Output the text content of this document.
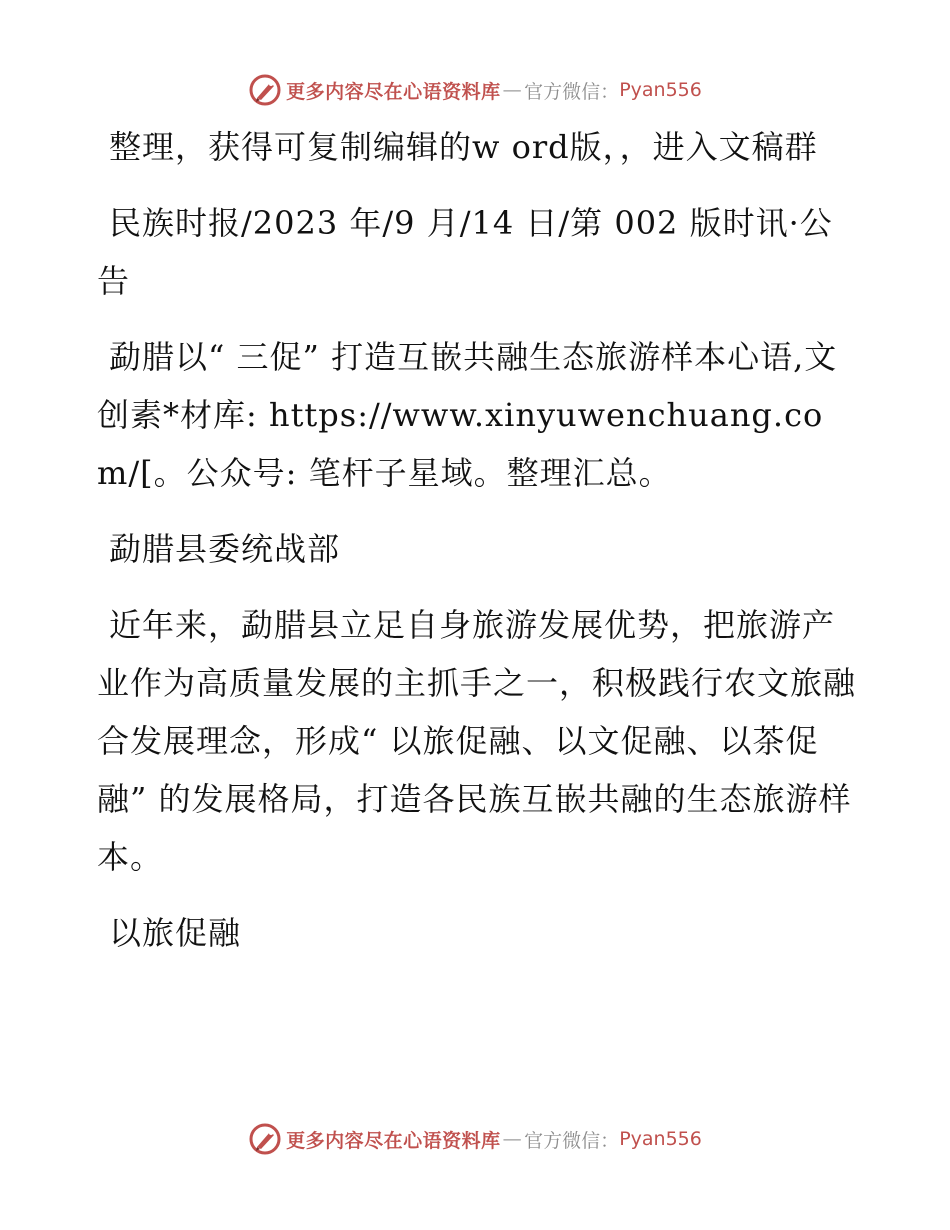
更多内容尽在心语资料库 — 官方微信： Pyan556

整理，获得可复制编辑的w ord版，，进入文稿群

民族时报/2023 年/9 月/14 日/第 002 版时讯·公告

勐腊以“ 三促” 打造互嵌共融生态旅游样本心语,文创素*材库: https://www.xinyuwenchuang.com/[。公众号: 笔杆子星域。整理汇总。

勐腊县委统战部

近年来，勐腊县立足自身旅游发展优势，把旅游产业作为高质量发展的主抓手之一，积极践行农文旅融合发展理念，形成“ 以旅促融、以文促融、以茶促融” 的发展格局，打造各民族互嵌共融的生态旅游样本。

以旅促融

更多内容尽在心语资料库 — 官方微信： Pyan556
